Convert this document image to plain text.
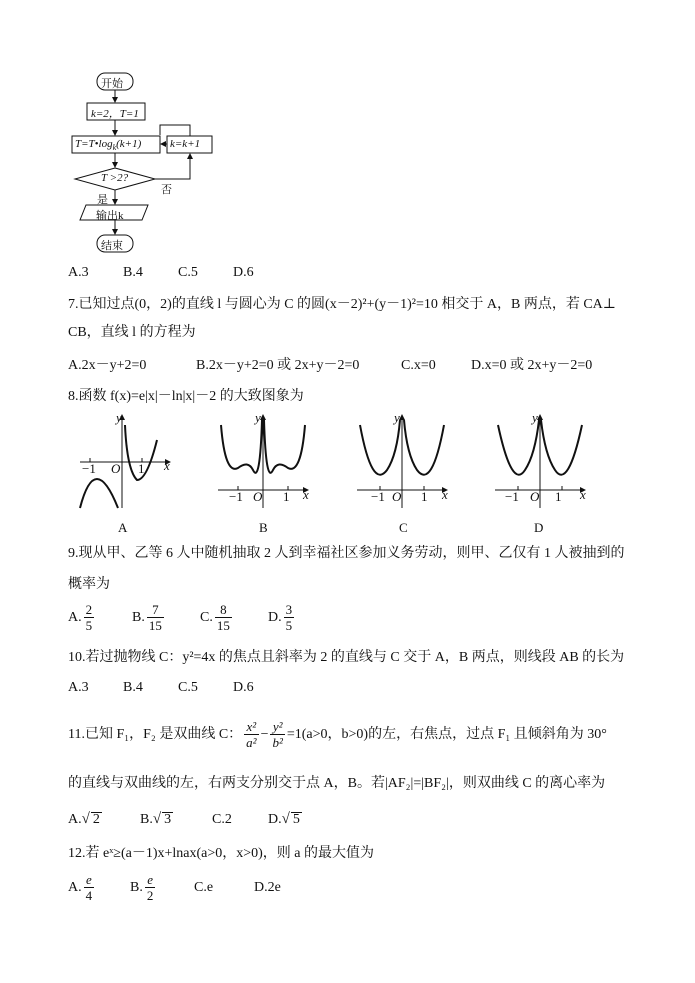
开始
k=2，T=1
$T=T•\log_k(k+1)$	k=k+1
T >2?
否
是
输出k
结束
A.3 B.4	C.5	D.6
7.已知过点(0，2)的直线 l 与圆心为 C 的圆(x－2)²+(y－1)²=10 相交于 A，B 两点，若 CA⊥
CB，直线 l 的方程为
A.2x－y+2=0	B.2x－y+2=0 或 2x+y－2=0	C.x=0	D.x=0 或 2x+y－2=0
8.函数 f(x)=e|x|－ln|x|－2 的大致图象为
y
x
O
−1	1
A
y
x
O
−1	1
B
y
x
O
−1	1
C
y
x
O
−1	1
D
9.现从甲、乙等 6 人中随机抽取 2 人到幸福社区参加义务劳动，则甲、乙仅有 1 人被抽到的
概率为
A. $\frac{2}{5}$	B. $\frac{7}{15}$	C. $\frac{8}{15}$	D. $\frac{3}{5}$
10.若过抛物线 C：y²=4x 的焦点且斜率为 2 的直线与 C 交于 A，B 两点，则线段 AB 的长为
A.3 B.4	C.5	D.6
11.已知 F₁，F₂ 是双曲线 C： $\frac{\text{x²}}{\text{a²}} - \frac{\text{y²}}{\text{b²}} =1(a>0$，b>0)的左，右焦点，过点 F₁ 且倾斜角为 30°
的直线与双曲线的左，右两支分别交于点 A，B。若|AF₂|=|BF₂|，则双曲线 C 的离心率为
A.√ 2	B.√ 3	C.2	D.√ 5
12.若 eˣ≥(a－1)x+lnax(a>0，x>0)，则 a 的最大值为
A. $\frac{e}{4}$	B. $\frac{e}{2}$	C.e	D.2e
